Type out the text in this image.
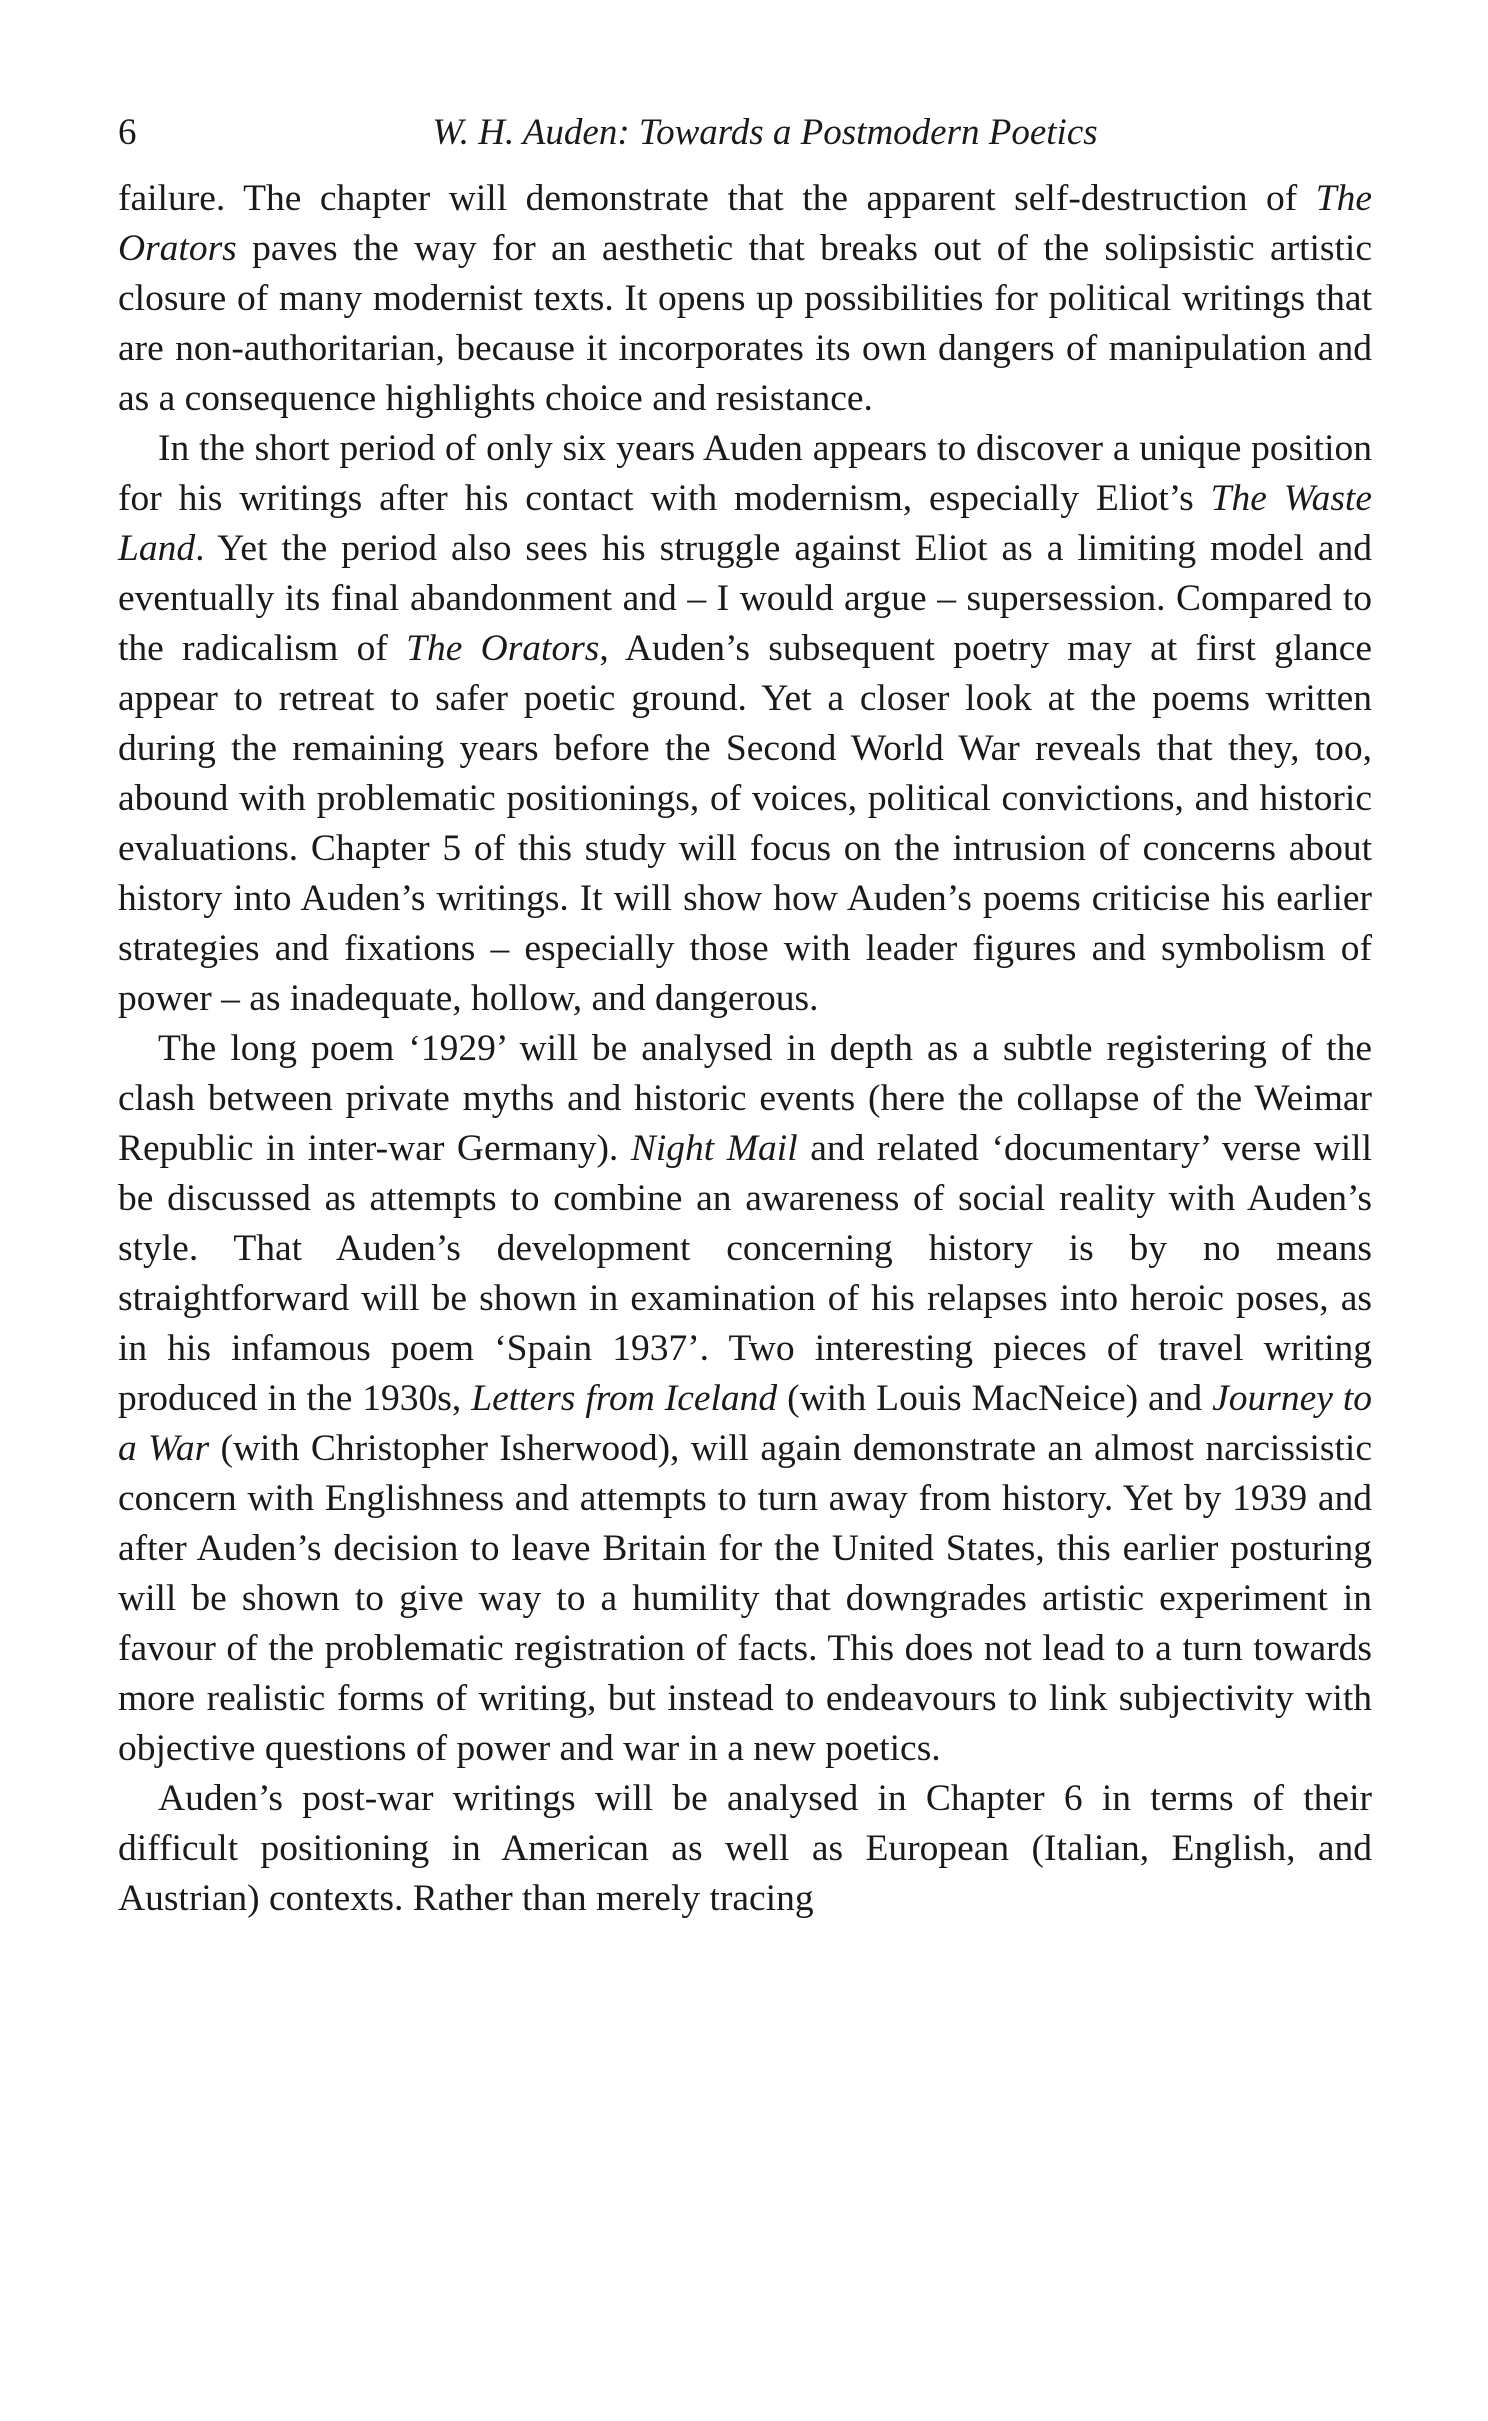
6	W. H. Auden: Towards a Postmodern Poetics

failure. The chapter will demonstrate that the apparent self-destruction of The Orators paves the way for an aesthetic that breaks out of the solipsistic artistic closure of many modernist texts. It opens up possibilities for political writings that are non-authoritarian, because it incorporates its own dangers of manipulation and as a consequence highlights choice and resistance.

In the short period of only six years Auden appears to discover a unique position for his writings after his contact with modernism, especially Eliot’s The Waste Land. Yet the period also sees his struggle against Eliot as a limiting model and eventually its final abandonment and – I would argue – supersession. Compared to the radicalism of The Orators, Auden’s subsequent poetry may at first glance appear to retreat to safer poetic ground. Yet a closer look at the poems written during the remaining years before the Second World War reveals that they, too, abound with problematic positionings, of voices, political convictions, and historic evaluations. Chapter 5 of this study will focus on the intrusion of concerns about history into Auden’s writings. It will show how Auden’s poems criticise his earlier strategies and fixations – especially those with leader figures and symbolism of power – as inadequate, hollow, and dangerous.

The long poem ‘1929’ will be analysed in depth as a subtle registering of the clash between private myths and historic events (here the collapse of the Weimar Republic in inter-war Germany). Night Mail and related ‘documentary’ verse will be discussed as attempts to combine an awareness of social reality with Auden’s style. That Auden’s development concerning history is by no means straightforward will be shown in examination of his relapses into heroic poses, as in his infamous poem ‘Spain 1937’. Two interesting pieces of travel writing produced in the 1930s, Letters from Iceland (with Louis MacNeice) and Journey to a War (with Christopher Isherwood), will again demonstrate an almost narcissistic concern with Englishness and attempts to turn away from history. Yet by 1939 and after Auden’s decision to leave Britain for the United States, this earlier posturing will be shown to give way to a humility that downgrades artistic experiment in favour of the problematic registration of facts. This does not lead to a turn towards more realistic forms of writing, but instead to endeavours to link subjectivity with objective questions of power and war in a new poetics.

Auden’s post-war writings will be analysed in Chapter 6 in terms of their difficult positioning in American as well as European (Italian, English, and Austrian) contexts. Rather than merely tracing
